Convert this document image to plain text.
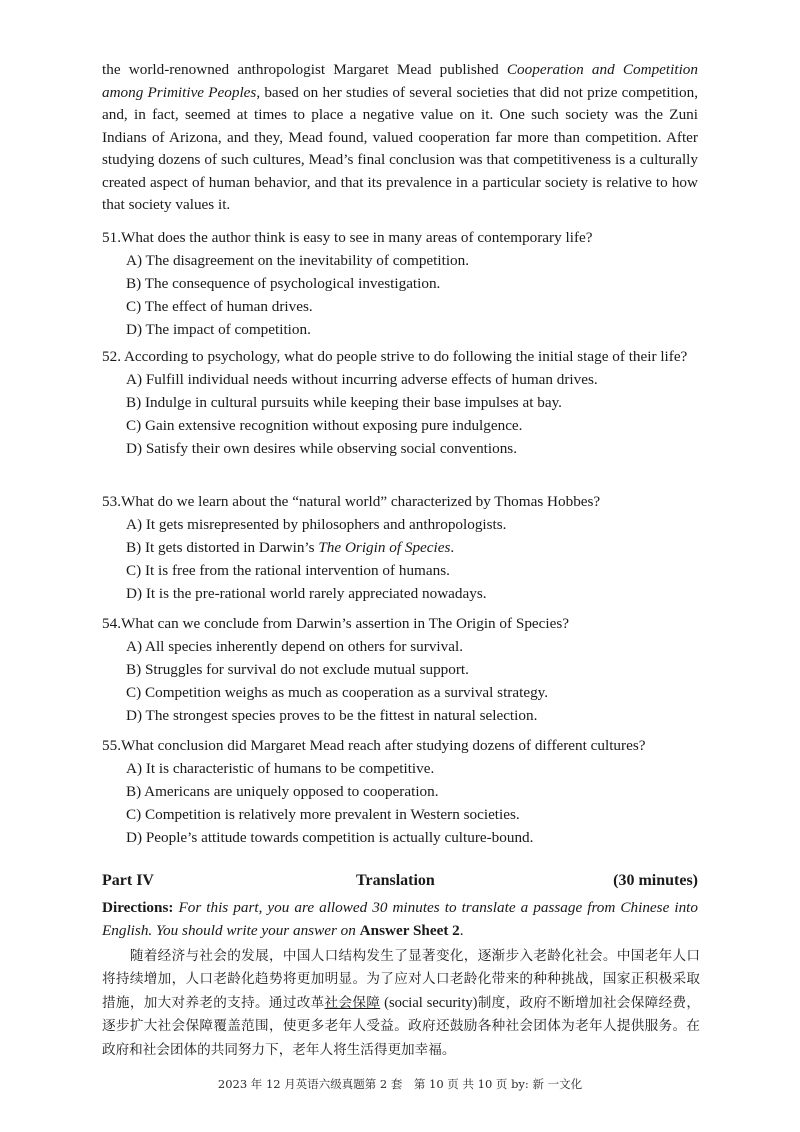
the world-renowned anthropologist Margaret Mead published Cooperation and Competition among Primitive Peoples, based on her studies of several societies that did not prize competition, and, in fact, seemed at times to place a negative value on it. One such society was the Zuni Indians of Arizona, and they, Mead found, valued cooperation far more than competition. After studying dozens of such cultures, Mead’s final conclusion was that competitiveness is a culturally created aspect of human behavior, and that its prevalence in a particular society is relative to how that society values it.
51.What does the author think is easy to see in many areas of contemporary life?
A) The disagreement on the inevitability of competition.
B) The consequence of psychological investigation.
C) The effect of human drives.
D) The impact of competition.
52. According to psychology, what do people strive to do following the initial stage of their life?
A) Fulfill individual needs without incurring adverse effects of human drives.
B) Indulge in cultural pursuits while keeping their base impulses at bay.
C) Gain extensive recognition without exposing pure indulgence.
D) Satisfy their own desires while observing social conventions.
53.What do we learn about the “natural world” characterized by Thomas Hobbes?
A) It gets misrepresented by philosophers and anthropologists.
B) It gets distorted in Darwin’s The Origin of Species.
C) It is free from the rational intervention of humans.
D) It is the pre-rational world rarely appreciated nowadays.
54.What can we conclude from Darwin’s assertion in The Origin of Species?
A) All species inherently depend on others for survival.
B) Struggles for survival do not exclude mutual support.
C) Competition weighs as much as cooperation as a survival strategy.
D) The strongest species proves to be the fittest in natural selection.
55.What conclusion did Margaret Mead reach after studying dozens of different cultures?
A) It is characteristic of humans to be competitive.
B) Americans are uniquely opposed to cooperation.
C) Competition is relatively more prevalent in Western societies.
D) People’s attitude towards competition is actually culture-bound.
Part IV	Translation	(30 minutes)
Directions: For this part, you are allowed 30 minutes to translate a passage from Chinese into English. You should write your answer on Answer Sheet 2.
　　随着经济与社会的发展，中国人口结构发生了显著变化，逐渐步入老龄化社会。中国老年人口将持续增加，人口老龄化趋势将更加明显。为了应对人口老龄化带来的种种挑战，国家正积极采取措施，加大对养老的支持。通过改革社会保障 (social security)制度，政府不断增加社会保障经费，逐步扩大社会保障覆盖范围，使更多老年人受益。政府还鼓励各种社会团体为老年人提供服务。在政府和社会团体的共同努力下，老年人将生活得更加幸福。
2023 年 12 月英语六级真题第 2 套　第 10 页 共 10 页 by: 新 一文化
